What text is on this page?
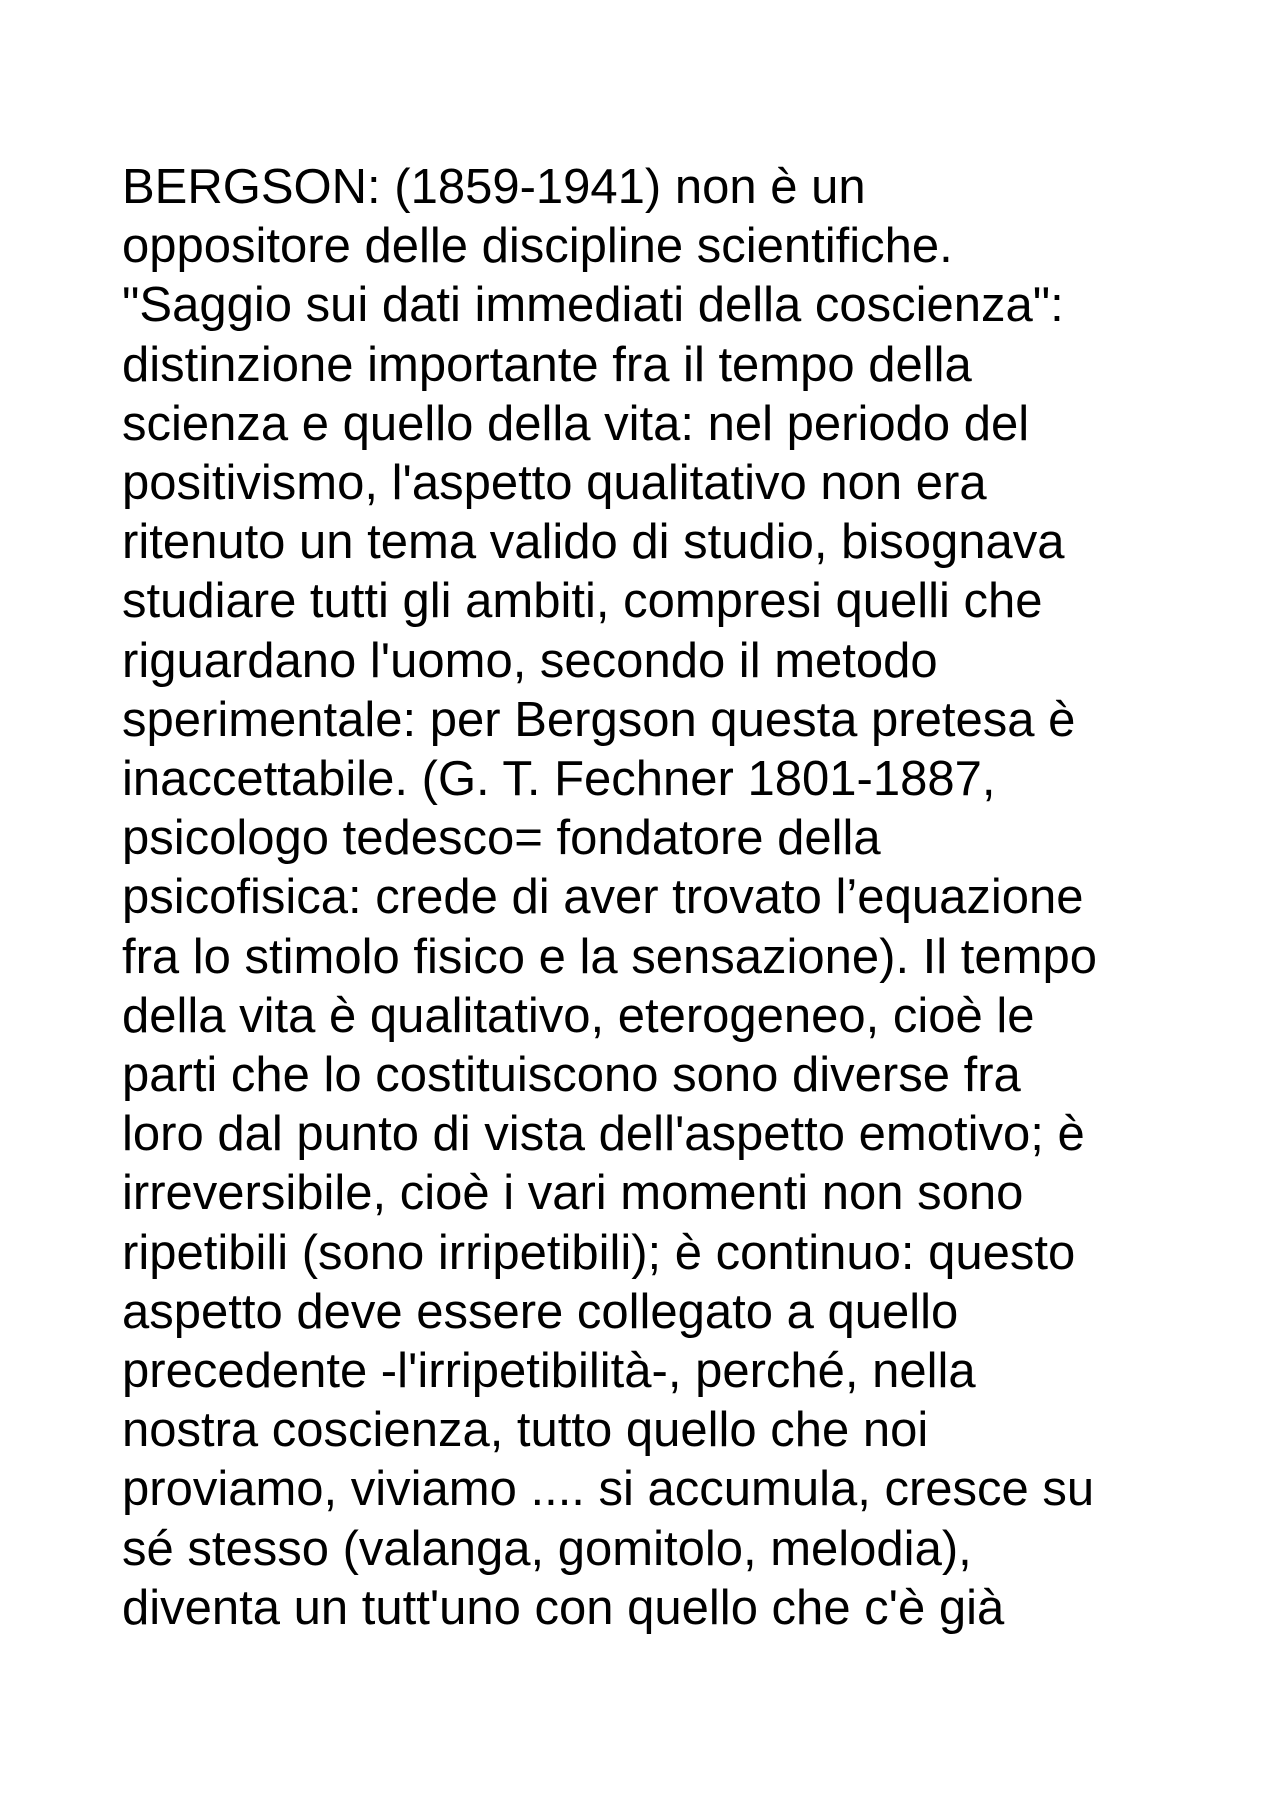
BERGSON: (1859-1941) non è un
oppositore delle discipline scientifiche.
"Saggio sui dati immediati della coscienza":
distinzione importante fra il tempo della
scienza e quello della vita: nel periodo del
positivismo, l'aspetto qualitativo non era
ritenuto un tema valido di studio, bisognava
studiare tutti gli ambiti, compresi quelli che
riguardano l'uomo, secondo il metodo
sperimentale: per Bergson questa pretesa è
inaccettabile. (G. T. Fechner 1801-1887,
psicologo tedesco= fondatore della
psicofisica: crede di aver trovato l’equazione
fra lo stimolo fisico e la sensazione). Il tempo
della vita è qualitativo, eterogeneo, cioè le
parti che lo costituiscono sono diverse fra
loro dal punto di vista dell'aspetto emotivo; è
irreversibile, cioè i vari momenti non sono
ripetibili (sono irripetibili); è continuo: questo
aspetto deve essere collegato a quello
precedente -l'irripetibilità-, perché, nella
nostra coscienza, tutto quello che noi
proviamo, viviamo .... si accumula, cresce su
sé stesso (valanga, gomitolo, melodia),
diventa un tutt'uno con quello che c'è già
